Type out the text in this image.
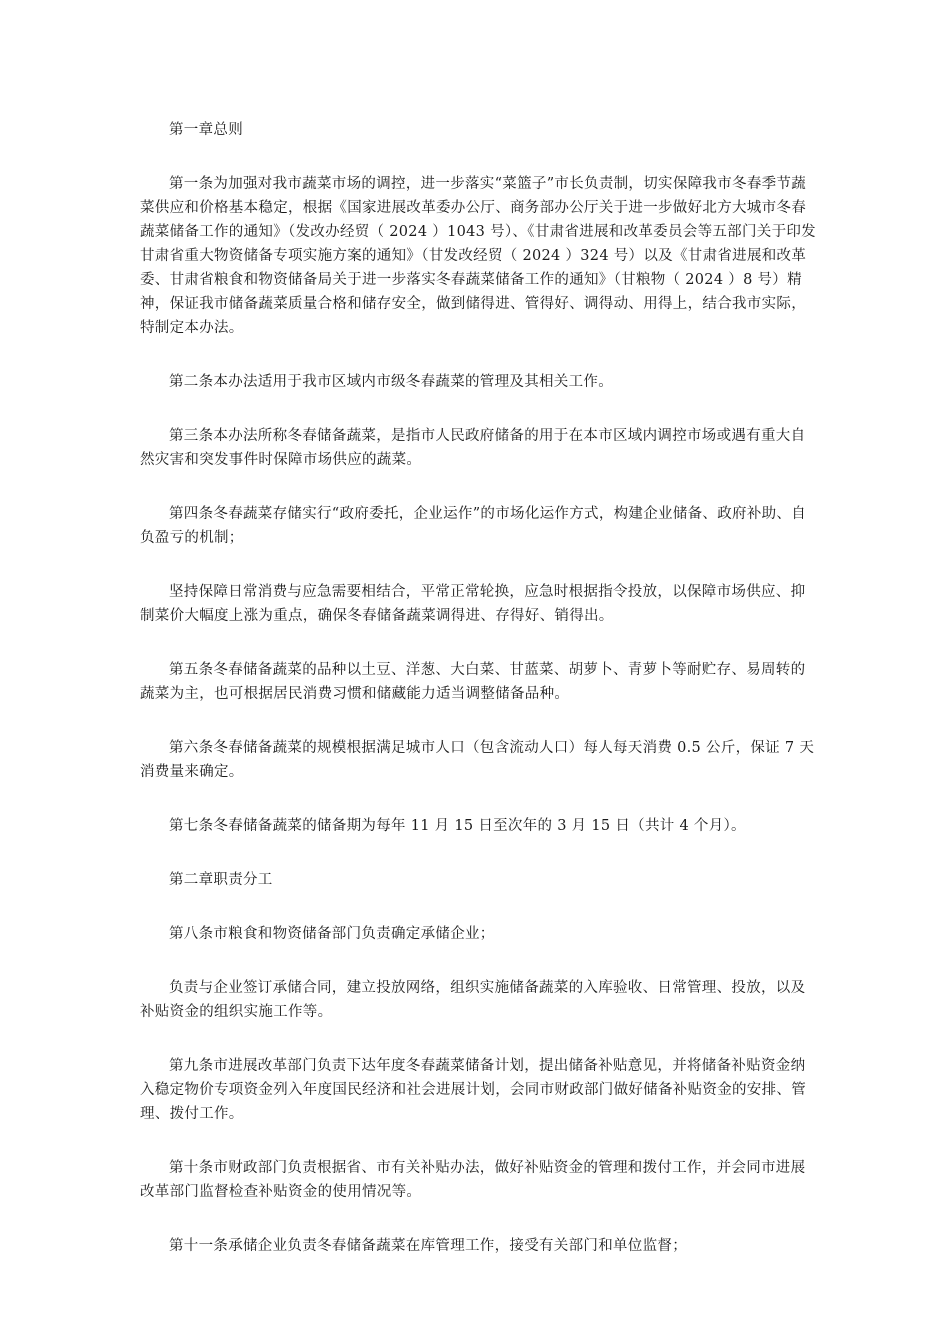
第一章总则

第一条为加强对我市蔬菜市场的调控，进一步落实“菜篮子”市长负责制，切实保障我市冬春季节蔬菜供应和价格基本稳定，根据《国家进展改革委办公厅、商务部办公厅关于进一步做好北方大城市冬春蔬菜储备工作的通知》（发改办经贸（ 2024 ）1043 号）、《甘肃省进展和改革委员会等五部门关于印发甘肃省重大物资储备专项实施方案的通知》（甘发改经贸（ 2024 ）324 号）以及《甘肃省进展和改革委、甘肃省粮食和物资储备局关于进一步落实冬春蔬菜储备工作的通知》（甘粮物（ 2024 ）8 号）精神，保证我市储备蔬菜质量合格和储存安全，做到储得进、管得好、调得动、用得上，结合我市实际，特制定本办法。

第二条本办法适用于我市区域内市级冬春蔬菜的管理及其相关工作。

第三条本办法所称冬春储备蔬菜，是指市人民政府储备的用于在本市区域内调控市场或遇有重大自然灾害和突发事件时保障市场供应的蔬菜。

第四条冬春蔬菜存储实行“政府委托，企业运作”的市场化运作方式，构建企业储备、政府补助、自负盈亏的机制；

坚持保障日常消费与应急需要相结合，平常正常轮换，应急时根据指令投放，以保障市场供应、抑制菜价大幅度上涨为重点，确保冬春储备蔬菜调得进、存得好、销得出。

第五条冬春储备蔬菜的品种以土豆、洋葱、大白菜、甘蓝菜、胡萝卜、青萝卜等耐贮存、易周转的蔬菜为主，也可根据居民消费习惯和储藏能力适当调整储备品种。

第六条冬春储备蔬菜的规模根据满足城市人口（包含流动人口）每人每天消费 0.5 公斤，保证 7 天消费量来确定。

第七条冬春储备蔬菜的储备期为每年 11 月 15 日至次年的 3 月 15 日（共计 4 个月）。

第二章职责分工

第八条市粮食和物资储备部门负责确定承储企业；

负责与企业签订承储合同，建立投放网络，组织实施储备蔬菜的入库验收、日常管理、投放，以及补贴资金的组织实施工作等。

第九条市进展改革部门负责下达年度冬春蔬菜储备计划，提出储备补贴意见，并将储备补贴资金纳入稳定物价专项资金列入年度国民经济和社会进展计划，会同市财政部门做好储备补贴资金的安排、管理、拨付工作。

第十条市财政部门负责根据省、市有关补贴办法，做好补贴资金的管理和拨付工作，并会同市进展改革部门监督检查补贴资金的使用情况等。

第十一条承储企业负责冬春储备蔬菜在库管理工作，接受有关部门和单位监督；
